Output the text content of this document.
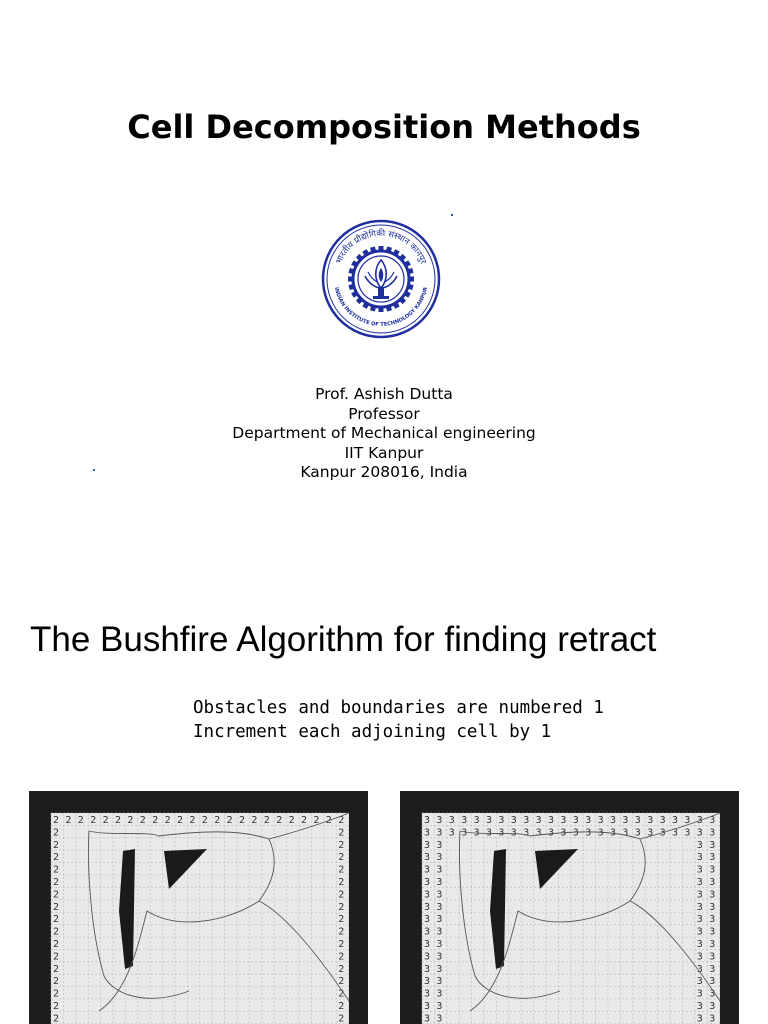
Cell Decomposition Methods
भारतीय प्रौद्योगिकी संस्थान कानपुर
INDIAN INSTITUTE OF TECHNOLOGY KANPUR
Prof. Ashish Dutta
Professor
Department of Mechanical engineering
IIT Kanpur
Kanpur 208016, India
The Bushfire Algorithm for finding retract
Obstacles and boundaries are numbered 1
Increment each adjoining cell by 1
2 2 2 2 2 2 2 2 2 2 2 2 2 2 2 2 2 2 2 2 2 2 2 2
2	2
2	2
2	2
2	2
2	2
2	2
2	2
2	2
2	2
2	2
2	2
2	2
2	2
2	2
2	2
2	2
3 3 3 3 3 3 3 3 3 3 3 3 3 3 3 3 3 3 3 3 3 3 3 3
3	3
3	3
3	3
3	3
3	3
3	3
3	3
3	3
3	3
3	3
3	3
3	3
3	3
3	3
3	3
3	3
3 3 3 3 3 3 3 3 3 3 3 3 3 3 3 3 3 3 3 3 3 3
3	3
3	3
3	3
3	3
3	3
3	3
3	3
3	3
3	3
3	3
3	3
3	3
3	3
3	3
3	3
